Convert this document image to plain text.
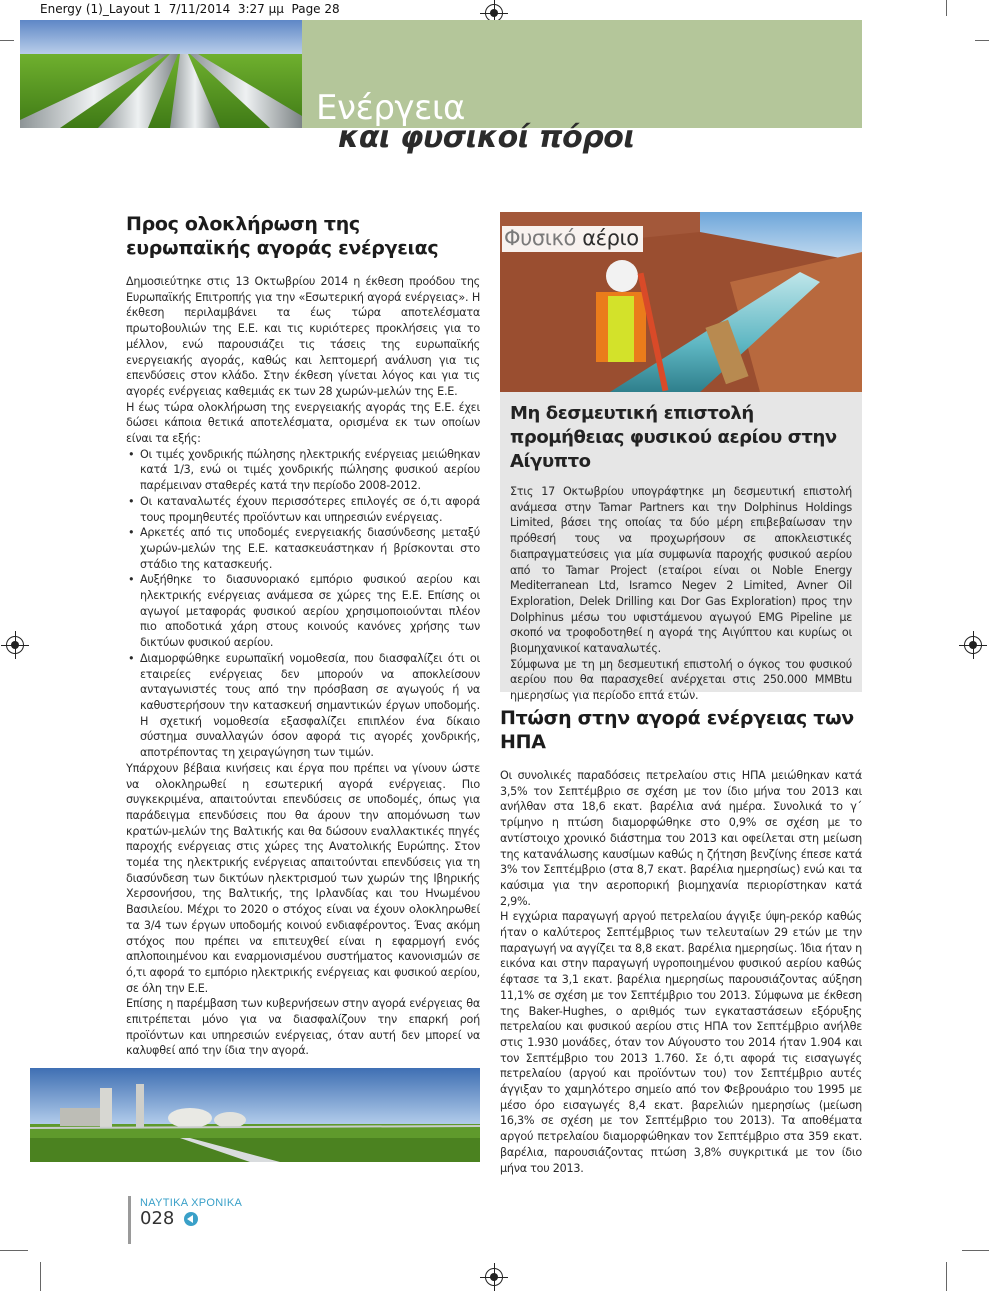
Energy (1)_Layout 1  7/11/2014  3:27 μμ  Page 28
Ενέργεια
και φυσικοί πόροι
Προς ολοκλήρωση της ευρωπαϊκής αγοράς ενέργειας

Δημοσιεύτηκε στις 13 Οκτωβρίου 2014 η έκθεση προόδου της Ευρωπαϊκής Επιτροπής για την «Εσωτερική αγορά ενέργειας». Η έκθεση περιλαμβάνει τα έως τώρα αποτελέσματα πρωτοβουλιών της Ε.Ε. και τις κυριότερες προκλήσεις για το μέλλον, ενώ παρουσιάζει τις τάσεις της ευρωπαϊκής ενεργειακής αγοράς, καθώς και λεπτομερή ανάλυση για τις επενδύσεις στον κλάδο. Στην έκθεση γίνεται λόγος και για τις αγορές ενέργειας καθεμιάς εκ των 28 χωρών-μελών της Ε.Ε.

Η έως τώρα ολοκλήρωση της ενεργειακής αγοράς της Ε.Ε. έχει δώσει κάποια θετικά αποτελέσματα, ορισμένα εκ των οποίων είναι τα εξής:

• Οι τιμές χονδρικής πώλησης ηλεκτρικής ενέργειας μειώθηκαν κατά 1/3, ενώ οι τιμές χονδρικής πώλησης φυσικού αερίου παρέμειναν σταθερές κατά την περίοδο 2008-2012.
• Οι καταναλωτές έχουν περισσότερες επιλογές σε ό,τι αφορά τους προμηθευτές προϊόντων και υπηρεσιών ενέργειας.
• Αρκετές από τις υποδομές ενεργειακής διασύνδεσης μεταξύ χωρών-μελών της Ε.Ε. κατασκευάστηκαν ή βρίσκονται στο στάδιο της κατασκευής.
• Αυξήθηκε το διασυνοριακό εμπόριο φυσικού αερίου και ηλεκτρικής ενέργειας ανάμεσα σε χώρες της Ε.Ε. Επίσης οι αγωγοί μεταφοράς φυσικού αερίου χρησιμοποιούνται πλέον πιο αποδοτικά χάρη στους κοινούς κανόνες χρήσης των δικτύων φυσικού αερίου.
• Διαμορφώθηκε ευρωπαϊκή νομοθεσία, που διασφαλίζει ότι οι εταιρείες ενέργειας δεν μπορούν να αποκλείσουν ανταγωνιστές τους από την πρόσβαση σε αγωγούς ή να καθυστερήσουν την κατασκευή σημαντικών έργων υποδομής. Η σχετική νομοθεσία εξασφαλίζει επιπλέον ένα δίκαιο σύστημα συναλλαγών όσον αφορά τις αγορές χονδρικής, αποτρέποντας τη χειραγώγηση των τιμών.

Υπάρχουν βέβαια κινήσεις και έργα που πρέπει να γίνουν ώστε να ολοκληρωθεί η εσωτερική αγορά ενέργειας. Πιο συγκεκριμένα, απαιτούνται επενδύσεις σε υποδομές, όπως για παράδειγμα επενδύσεις που θα άρουν την απομόνωση των κρατών-μελών της Βαλτικής και θα δώσουν εναλλακτικές πηγές παροχής ενέργειας στις χώρες της Ανατολικής Ευρώπης. Στον τομέα της ηλεκτρικής ενέργειας απαιτούνται επενδύσεις για τη διασύνδεση των δικτύων ηλεκτρισμού των χωρών της Ιβηρικής Χερσονήσου, της Βαλτικής, της Ιρλανδίας και του Ηνωμένου Βασιλείου. Μέχρι το 2020 ο στόχος είναι να έχουν ολοκληρωθεί τα 3/4 των έργων υποδομής κοινού ενδιαφέροντος. Ένας ακόμη στόχος που πρέπει να επιτευχθεί είναι η εφαρμογή ενός απλοποιημένου και εναρμονισμένου συστήματος κανονισμών σε ό,τι αφορά το εμπόριο ηλεκτρικής ενέργειας και φυσικού αερίου, σε όλη την Ε.Ε.

Επίσης η παρέμβαση των κυβερνήσεων στην αγορά ενέργειας θα επιτρέπεται μόνο για να διασφαλίζουν την επαρκή ροή προϊόντων και υπηρεσιών ενέργειας, όταν αυτή δεν μπορεί να καλυφθεί από την ίδια την αγορά.

Φυσικό αέριο
Μη δεσμευτική επιστολή προμήθειας φυσικού αερίου στην Αίγυπτο

Στις 17 Οκτωβρίου υπογράφτηκε μη δεσμευτική επιστολή ανάμεσα στην Tamar Partners και την Dolphinus Holdings Limited, βάσει της οποίας τα δύο μέρη επιβεβαίωσαν την πρόθεσή τους να προχωρήσουν σε αποκλειστικές διαπραγματεύσεις για μία συμφωνία παροχής φυσικού αερίου από το Tamar Project (εταίροι είναι οι Noble Energy Mediterranean Ltd, Isramco Negev 2 Limited, Avner Oil Exploration, Delek Drilling και Dor Gas Exploration) προς την Dolphinus μέσω του υφιστάμενου αγωγού EMG Pipeline με σκοπό να τροφοδοτηθεί η αγορά της Αιγύπτου και κυρίως οι βιομηχανικοί καταναλωτές.

Σύμφωνα με τη μη δεσμευτική επιστολή ο όγκος του φυσικού αερίου που θα παρασχεθεί ανέρχεται στις 250.000 MMBtu ημερησίως για περίοδο επτά ετών.

Πτώση στην αγορά ενέργειας των ΗΠΑ

Οι συνολικές παραδόσεις πετρελαίου στις ΗΠΑ μειώθηκαν κατά 3,5% τον Σεπτέμβριο σε σχέση με τον ίδιο μήνα του 2013 και ανήλθαν στα 18,6 εκατ. βαρέλια ανά ημέρα. Συνολικά το γ΄ τρίμηνο η πτώση διαμορφώθηκε στο 0,9% σε σχέση με το αντίστοιχο χρονικό διάστημα του 2013 και οφείλεται στη μείωση της κατανάλωσης καυσίμων καθώς η ζήτηση βενζίνης έπεσε κατά 3% τον Σεπτέμβριο (στα 8,7 εκατ. βαρέλια ημερησίως) ενώ και τα καύσιμα για την αεροπορική βιομηχανία περιορίστηκαν κατά 2,9%.

Η εγχώρια παραγωγή αργού πετρελαίου άγγιξε ύψη-ρεκόρ καθώς ήταν ο καλύτερος Σεπτέμβριος των τελευταίων 29 ετών με την παραγωγή να αγγίζει τα 8,8 εκατ. βαρέλια ημερησίως. Ίδια ήταν η εικόνα και στην παραγωγή υγροποιημένου φυσικού αερίου καθώς έφτασε τα 3,1 εκατ. βαρέλια ημερησίως παρουσιάζοντας αύξηση 11,1% σε σχέση με τον Σεπτέμβριο του 2013. Σύμφωνα με έκθεση της Baker-Hughes, ο αριθμός των εγκαταστάσεων εξόρυξης πετρελαίου και φυσικού αερίου στις ΗΠΑ τον Σεπτέμβριο ανήλθε στις 1.930 μονάδες, όταν τον Αύγουστο του 2014 ήταν 1.904 και τον Σεπτέμβριο του 2013 1.760. Σε ό,τι αφορά τις εισαγωγές πετρελαίου (αργού και προϊόντων του) τον Σεπτέμβριο αυτές άγγιξαν το χαμηλότερο σημείο από τον Φεβρουάριο του 1995 με μέσο όρο εισαγωγές 8,4 εκατ. βαρελιών ημερησίως (μείωση 16,3% σε σχέση με τον Σεπτέμβριο του 2013). Τα αποθέματα αργού πετρελαίου διαμορφώθηκαν τον Σεπτέμβριο στα 359 εκατ. βαρέλια, παρουσιάζοντας πτώση 3,8% συγκριτικά με τον ίδιο μήνα του 2013.

ΝΑΥΤΙΚΑ ΧΡΟΝΙΚΑ
028
